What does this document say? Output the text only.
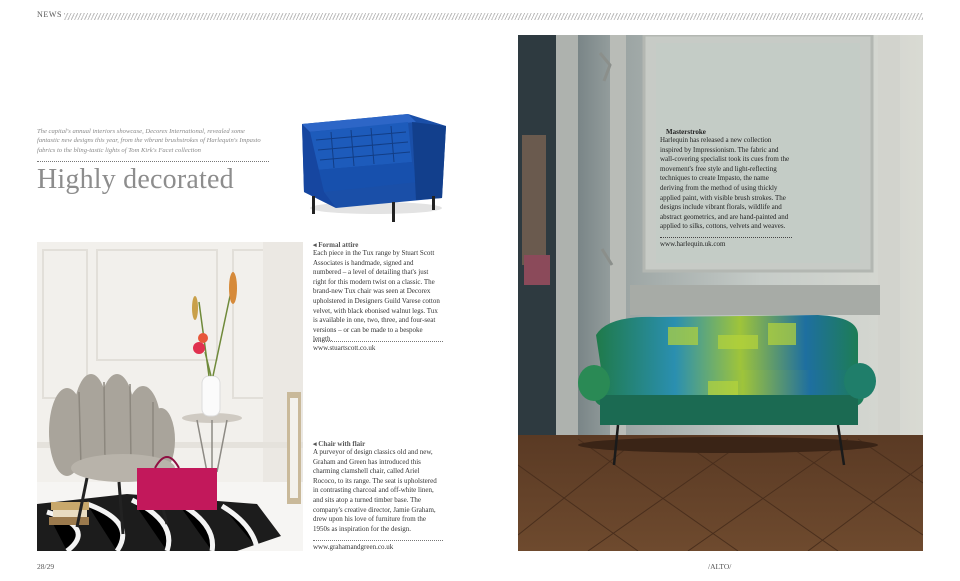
NEWS
The capital's annual interiors showcase, Decorex International, revealed some fantastic new designs this year, from the vibrant brushstrokes of Harlequin's Impasto fabrics to the bling-tastic lights of Tom Kirk's Facet collection
Highly decorated
◂ Formal attire
Each piece in the Tux range by Stuart Scott Associates is handmade, signed and numbered – a level of detailing that's just right for this modern twist on a classic. The brand-new Tux chair was seen at Decorex upholstered in Designers Guild Varese cotton velvet, with black ebonised walnut legs. Tux is available in one, two, three, and four-seat versions – or can be made to a bespoke length.
www.stuartscott.co.uk
◂ Chair with flair
A purveyor of design classics old and new, Graham and Green has introduced this charming clamshell chair, called Ariel Rococo, to its range. The seat is upholstered in contrasting charcoal and off-white linen, and sits atop a turned timber base. The company's creative director, Jamie Graham, drew upon his love of furniture from the 1950s as inspiration for the design.
www.grahamandgreen.co.uk
Masterstroke
Harlequin has released a new collection inspired by Impressionism. The fabric and wall-covering specialist took its cues from the movement's free style and light-reflecting techniques to create Impasto, the name deriving from the method of using thickly applied paint, with visible brush strokes. The designs include vibrant florals, wildlife and abstract geometrics, and are hand-painted and applied to silks, cottons, velvets and weaves.
www.harlequin.uk.com
28/29	/ALTO/
